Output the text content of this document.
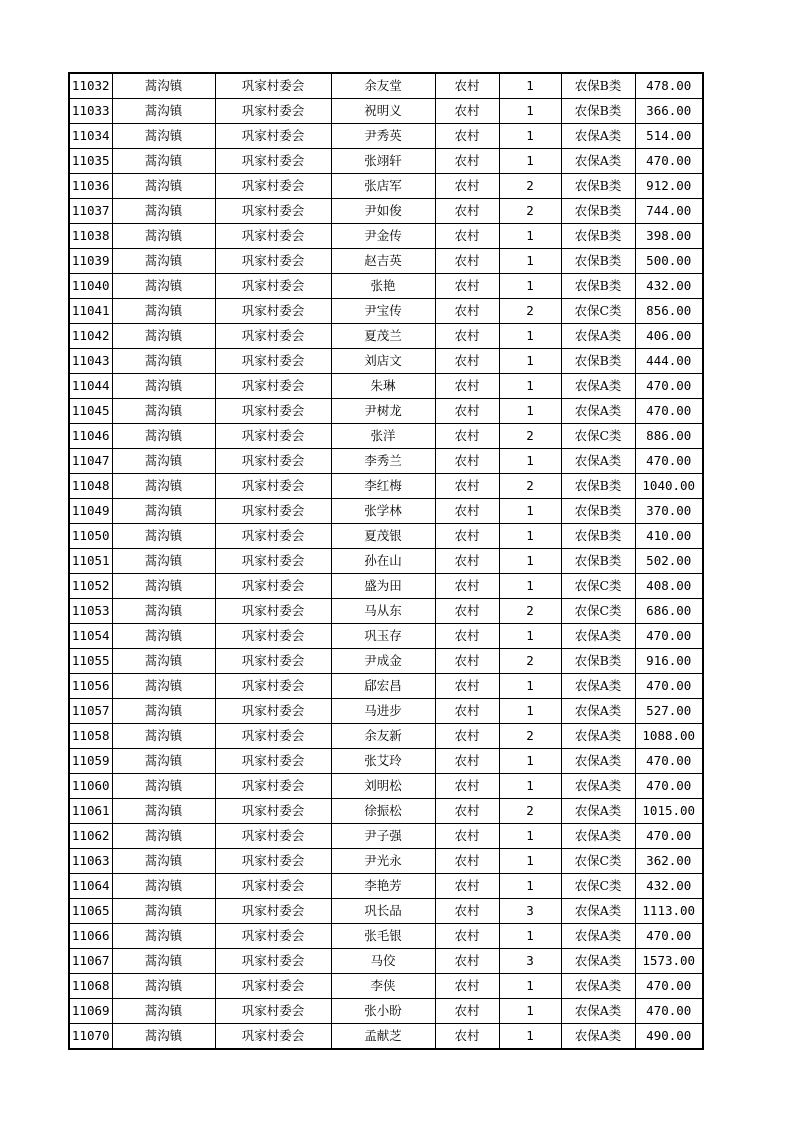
11032	蒿沟镇	巩家村委会	余友堂	农村	1	农保B类	478.00
11033	蒿沟镇	巩家村委会	祝明义	农村	1	农保B类	366.00
11034	蒿沟镇	巩家村委会	尹秀英	农村	1	农保A类	514.00
11035	蒿沟镇	巩家村委会	张翊轩	农村	1	农保A类	470.00
11036	蒿沟镇	巩家村委会	张店军	农村	2	农保B类	912.00
11037	蒿沟镇	巩家村委会	尹如俊	农村	2	农保B类	744.00
11038	蒿沟镇	巩家村委会	尹金传	农村	1	农保B类	398.00
11039	蒿沟镇	巩家村委会	赵吉英	农村	1	农保B类	500.00
11040	蒿沟镇	巩家村委会	张艳	农村	1	农保B类	432.00
11041	蒿沟镇	巩家村委会	尹宝传	农村	2	农保C类	856.00
11042	蒿沟镇	巩家村委会	夏茂兰	农村	1	农保A类	406.00
11043	蒿沟镇	巩家村委会	刘店文	农村	1	农保B类	444.00
11044	蒿沟镇	巩家村委会	朱琳	农村	1	农保A类	470.00
11045	蒿沟镇	巩家村委会	尹树龙	农村	1	农保A类	470.00
11046	蒿沟镇	巩家村委会	张洋	农村	2	农保C类	886.00
11047	蒿沟镇	巩家村委会	李秀兰	农村	1	农保A类	470.00
11048	蒿沟镇	巩家村委会	李红梅	农村	2	农保B类	1040.00
11049	蒿沟镇	巩家村委会	张学林	农村	1	农保B类	370.00
11050	蒿沟镇	巩家村委会	夏茂银	农村	1	农保B类	410.00
11051	蒿沟镇	巩家村委会	孙在山	农村	1	农保B类	502.00
11052	蒿沟镇	巩家村委会	盛为田	农村	1	农保C类	408.00
11053	蒿沟镇	巩家村委会	马从东	农村	2	农保C类	686.00
11054	蒿沟镇	巩家村委会	巩玉存	农村	1	农保A类	470.00
11055	蒿沟镇	巩家村委会	尹成金	农村	2	农保B类	916.00
11056	蒿沟镇	巩家村委会	郈宏昌	农村	1	农保A类	470.00
11057	蒿沟镇	巩家村委会	马进步	农村	1	农保A类	527.00
11058	蒿沟镇	巩家村委会	余友新	农村	2	农保A类	1088.00
11059	蒿沟镇	巩家村委会	张艾玲	农村	1	农保A类	470.00
11060	蒿沟镇	巩家村委会	刘明松	农村	1	农保A类	470.00
11061	蒿沟镇	巩家村委会	徐振松	农村	2	农保A类	1015.00
11062	蒿沟镇	巩家村委会	尹子强	农村	1	农保A类	470.00
11063	蒿沟镇	巩家村委会	尹光永	农村	1	农保C类	362.00
11064	蒿沟镇	巩家村委会	李艳芳	农村	1	农保C类	432.00
11065	蒿沟镇	巩家村委会	巩长品	农村	3	农保A类	1113.00
11066	蒿沟镇	巩家村委会	张毛银	农村	1	农保A类	470.00
11067	蒿沟镇	巩家村委会	马佼	农村	3	农保A类	1573.00
11068	蒿沟镇	巩家村委会	李侠	农村	1	农保A类	470.00
11069	蒿沟镇	巩家村委会	张小盼	农村	1	农保A类	470.00
11070	蒿沟镇	巩家村委会	孟献芝	农村	1	农保A类	490.00
